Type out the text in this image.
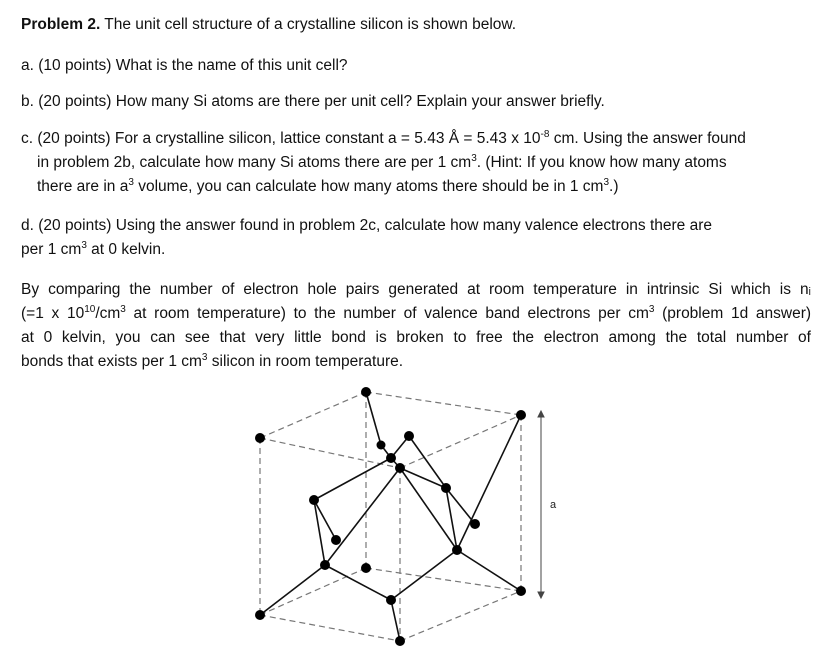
Problem 2. The unit cell structure of a crystalline silicon is shown below.
a. (10 points) What is the name of this unit cell?
b. (20 points) How many Si atoms are there per unit cell? Explain your answer briefly.
c. (20 points) For a crystalline silicon, lattice constant a = 5.43 Å = 5.43 x $10^{-8}$ cm. Using the answer found
in problem 2b, calculate how many Si atoms there are per 1 $cm^3$. (Hint: If you know how many atoms
there are in $a^3$ volume, you can calculate how many atoms there should be in 1 $cm^3$.)
d. (20 points) Using the answer found in problem 2c, calculate how many valence electrons there are
per 1 $cm^3$ at 0 kelvin.
By comparing the number of electron hole pairs generated at room temperature in intrinsic Si which is nᵢ
(=1 x $10^{10}/cm^3$ at room temperature) to the number of valence band electrons per $cm^3$ (problem 1d answer)
at 0 kelvin, you can see that very little bond is broken to free the electron among the total number of
bonds that exists per 1 $cm^3$ silicon in room temperature.
a
